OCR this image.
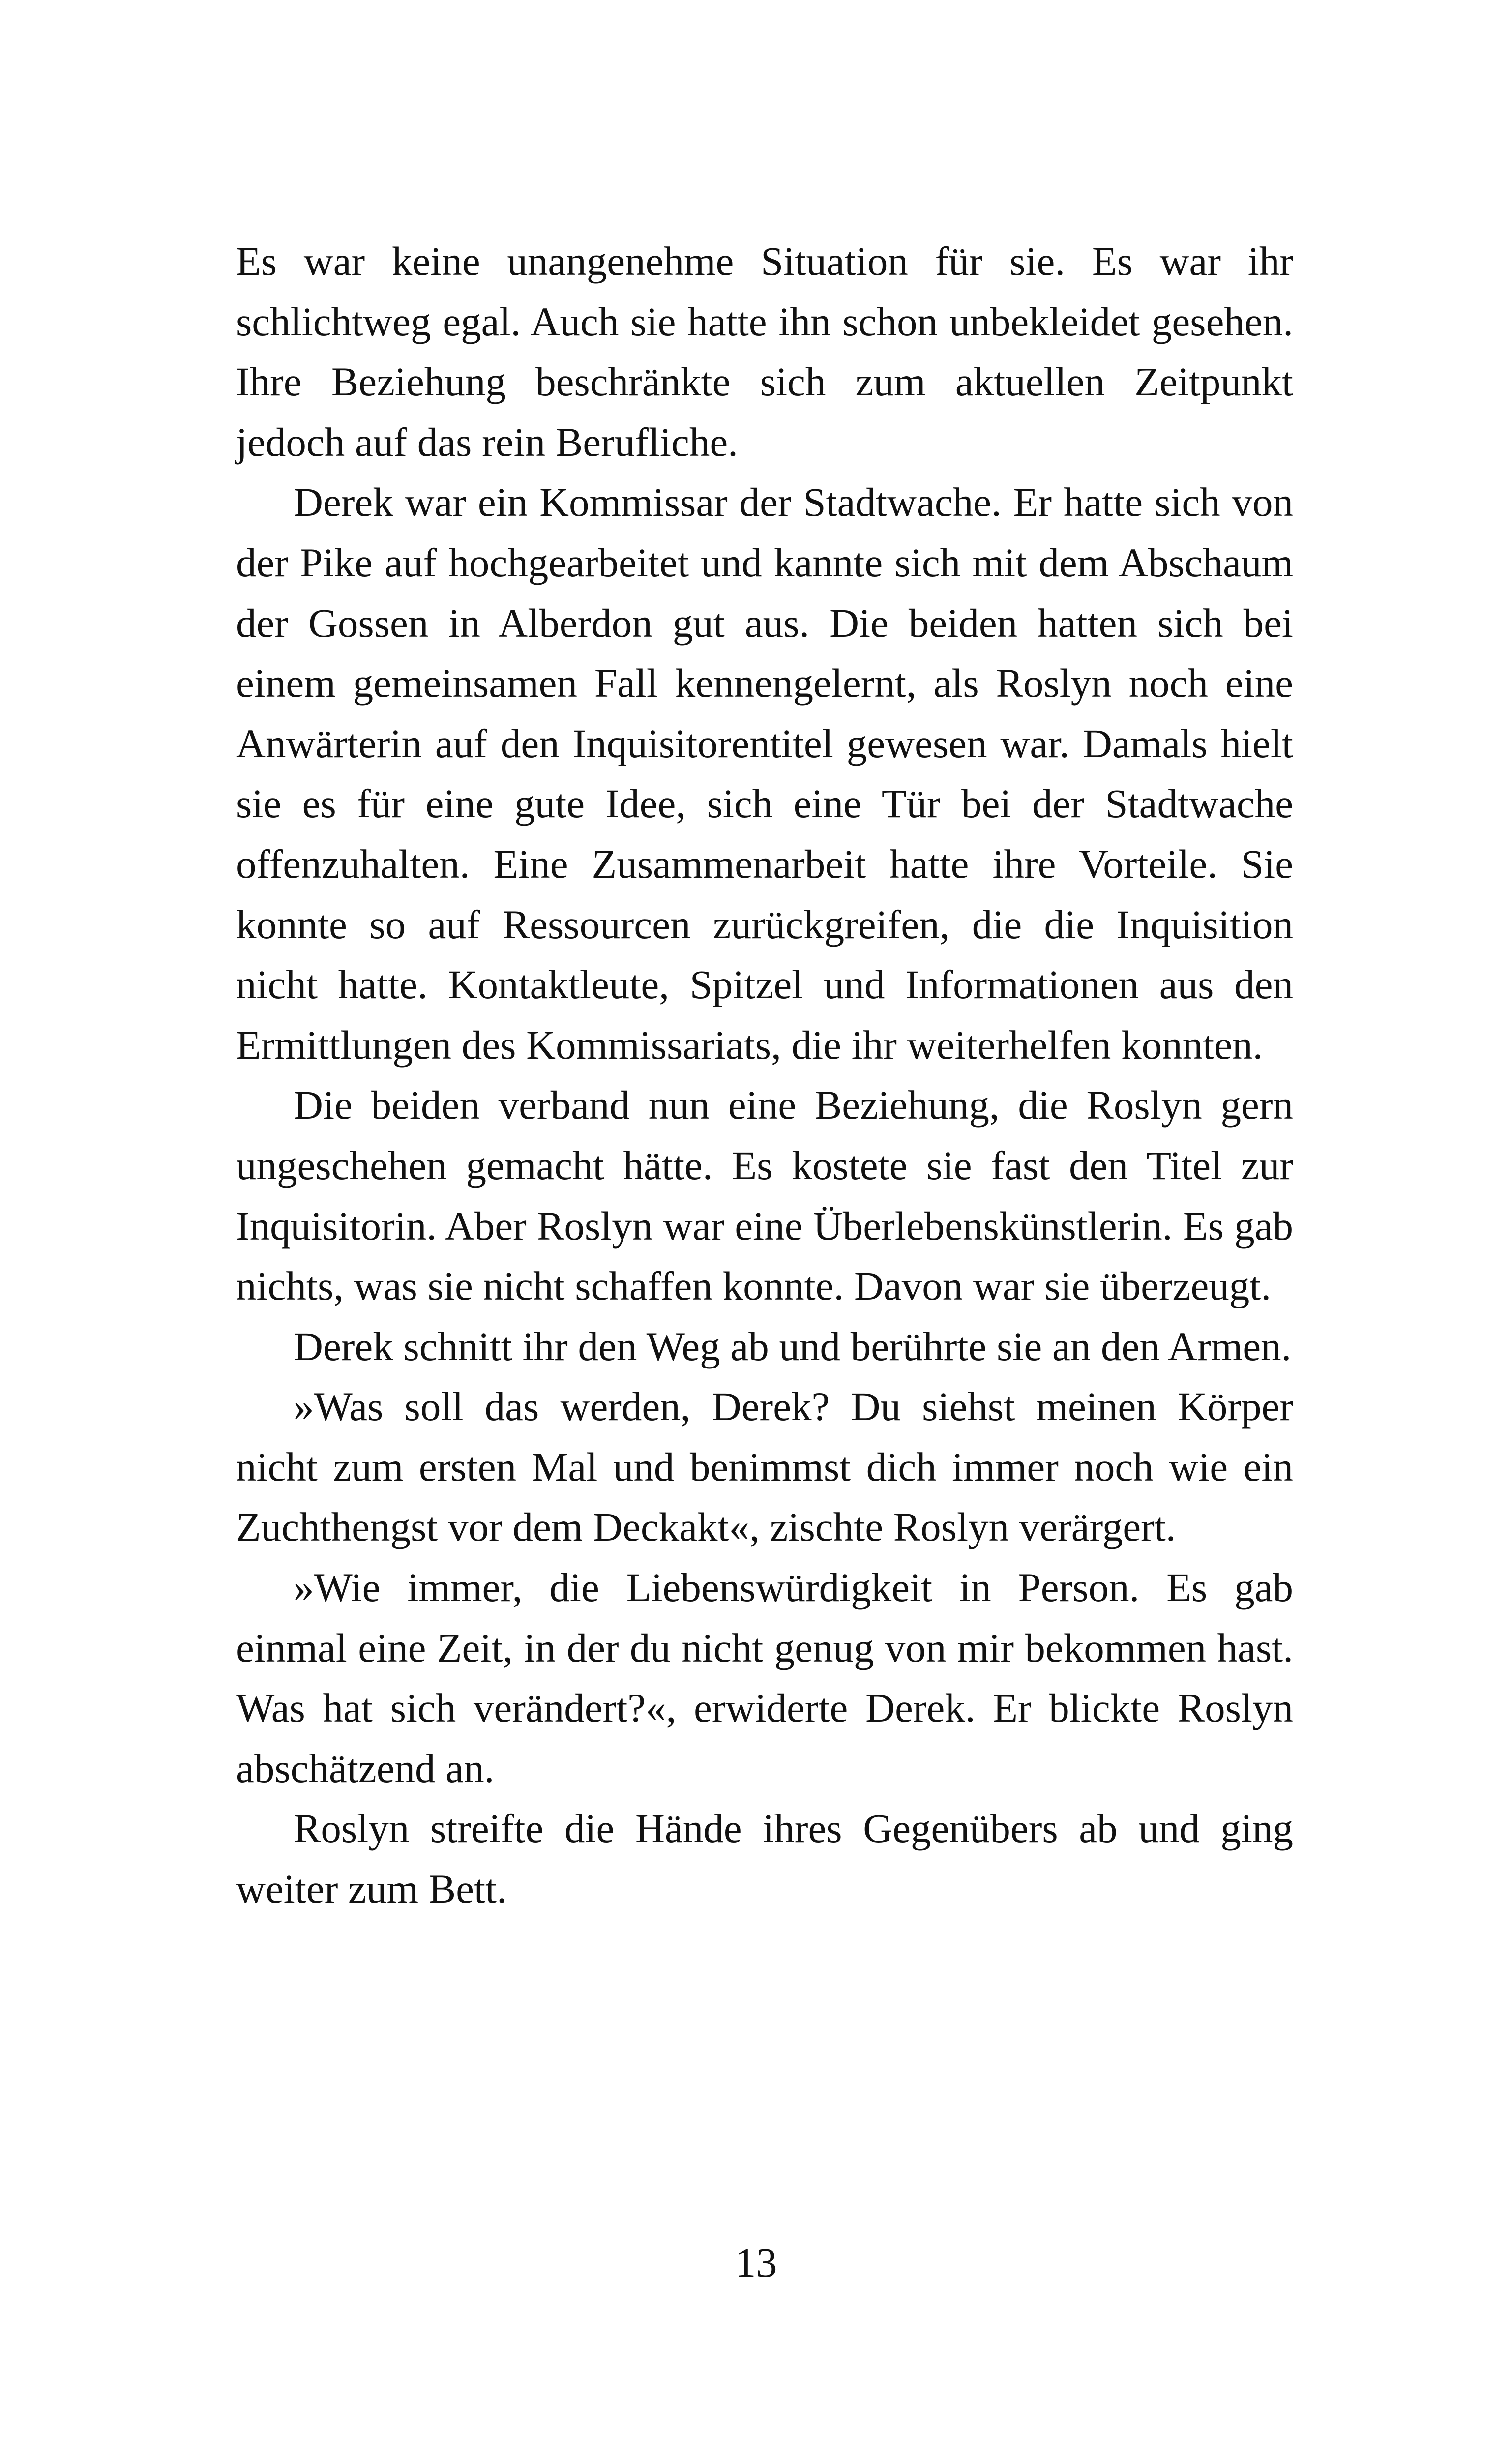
Es war keine unangenehme Situation für sie. Es war ihr schlichtweg egal. Auch sie hatte ihn schon unbekleidet gesehen. Ihre Beziehung beschränkte sich zum aktuellen Zeitpunkt jedoch auf das rein Berufliche.

Derek war ein Kommissar der Stadtwache. Er hatte sich von der Pike auf hochgearbeitet und kannte sich mit dem Abschaum der Gossen in Alberdon gut aus. Die beiden hatten sich bei einem gemeinsamen Fall kennengelernt, als Roslyn noch eine Anwärterin auf den Inquisitorentitel gewesen war. Damals hielt sie es für eine gute Idee, sich eine Tür bei der Stadtwache offenzuhalten. Eine Zusammenarbeit hatte ihre Vorteile. Sie konnte so auf Ressourcen zurückgreifen, die die Inquisition nicht hatte. Kontaktleute, Spitzel und Informationen aus den Ermittlungen des Kommissariats, die ihr weiterhelfen konnten.

Die beiden verband nun eine Beziehung, die Roslyn gern ungeschehen gemacht hätte. Es kostete sie fast den Titel zur Inquisitorin. Aber Roslyn war eine Überlebenskünstlerin. Es gab nichts, was sie nicht schaffen konnte. Davon war sie überzeugt.

Derek schnitt ihr den Weg ab und berührte sie an den Armen.

»Was soll das werden, Derek? Du siehst meinen Körper nicht zum ersten Mal und benimmst dich immer noch wie ein Zuchthengst vor dem Deckakt«, zischte Roslyn verärgert.

»Wie immer, die Liebenswürdigkeit in Person. Es gab einmal eine Zeit, in der du nicht genug von mir bekommen hast. Was hat sich verändert?«, erwiderte Derek. Er blickte Roslyn abschätzend an.

Roslyn streifte die Hände ihres Gegenübers ab und ging weiter zum Bett.

13
